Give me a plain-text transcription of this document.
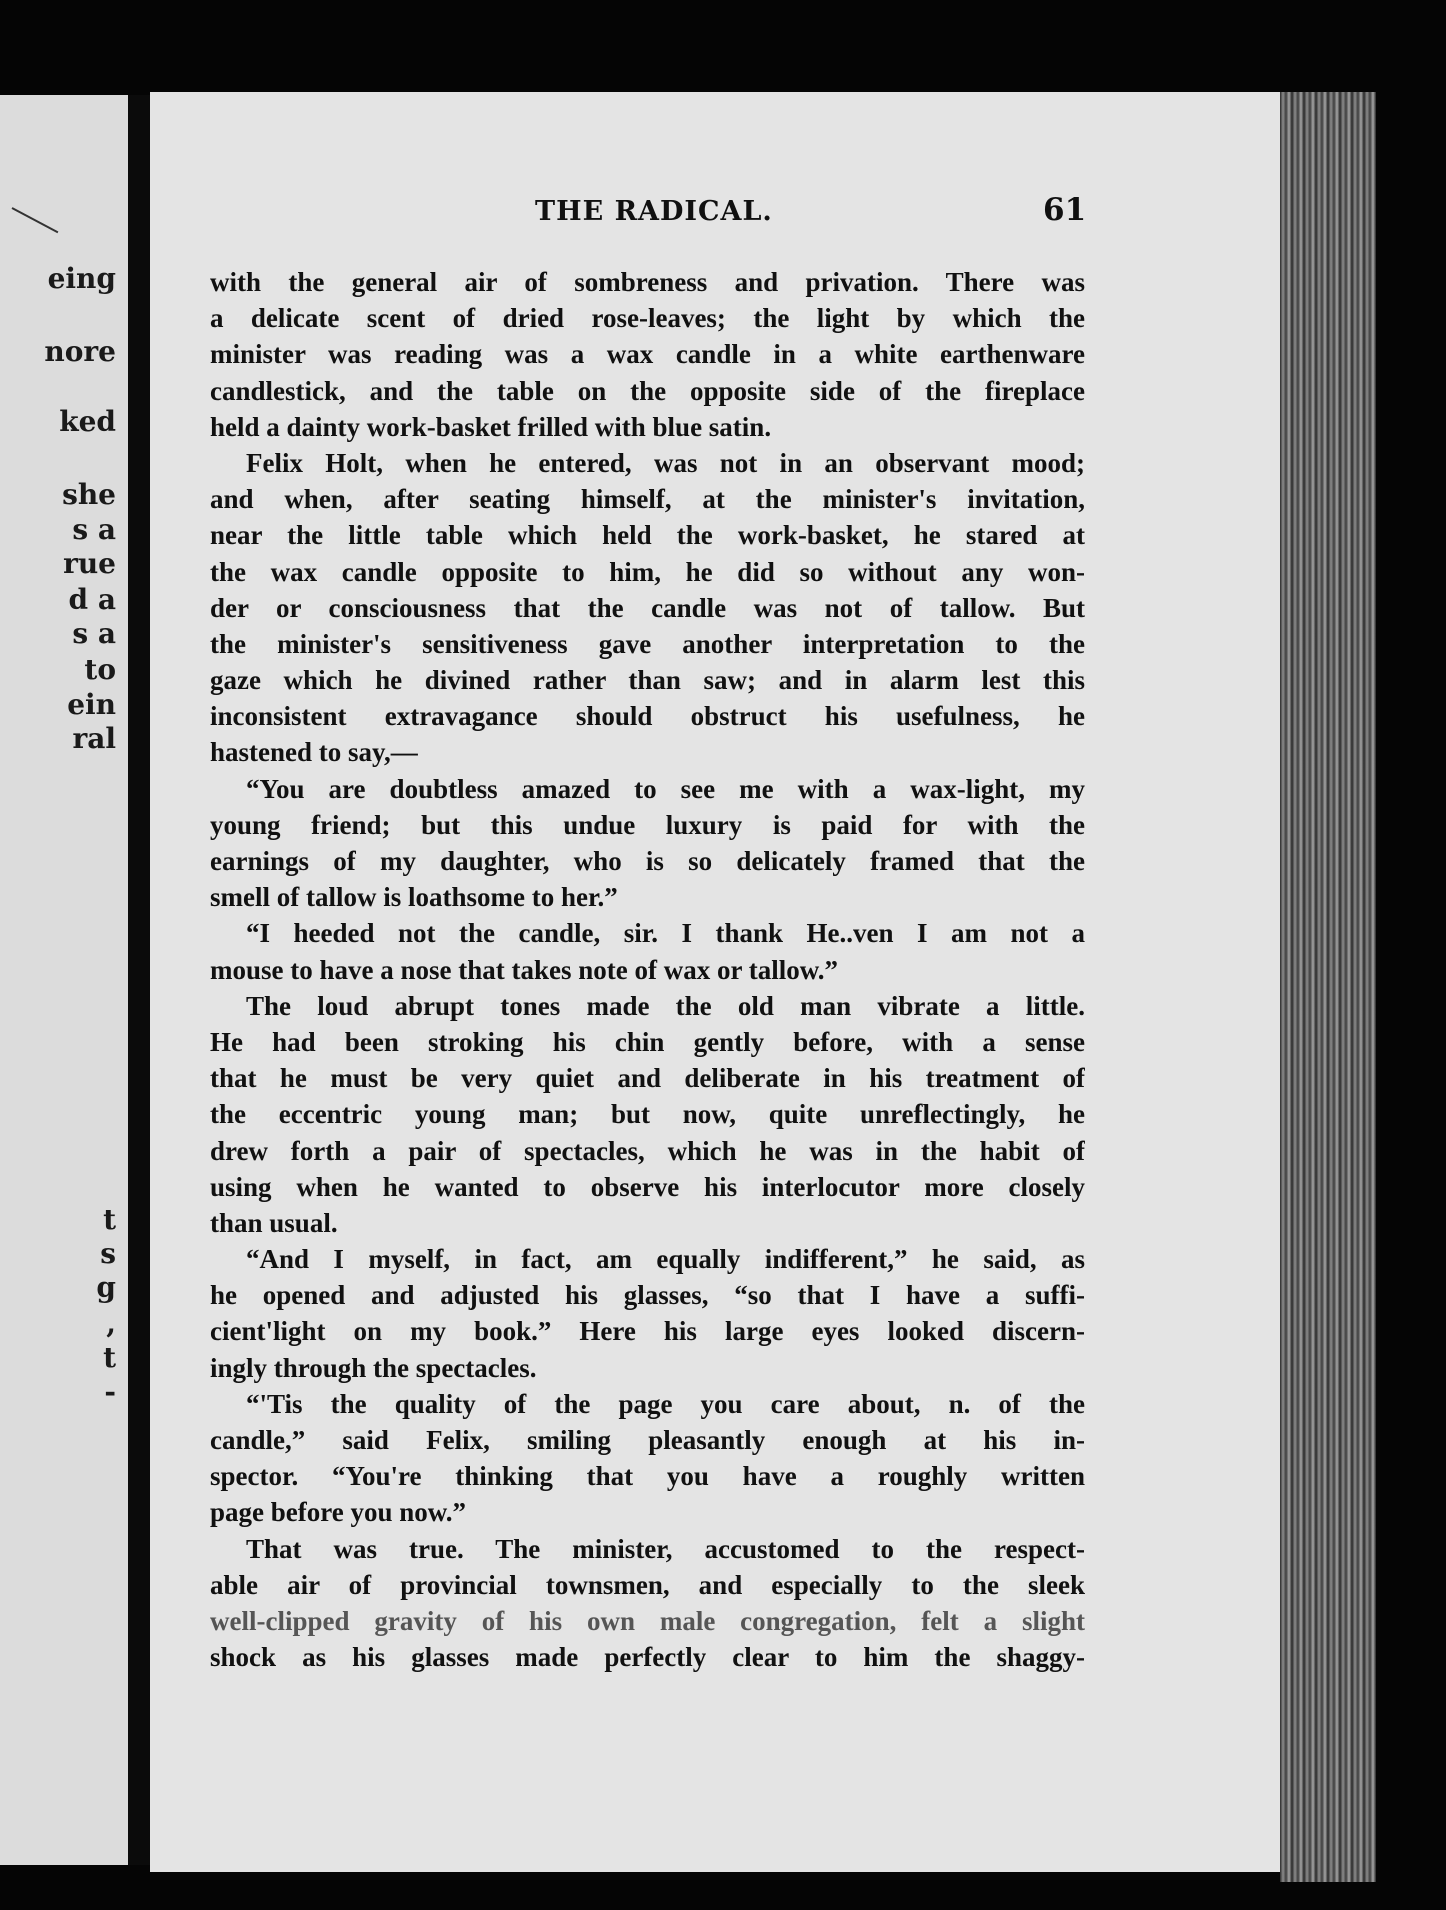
eing
nore
ked
she
s a
rue
d a
s a
to
ein
ral
t
s
g
,
t
-
THE RADICAL.	61
with the general air of sombreness and privation. There was
a delicate scent of dried rose-leaves; the light by which the
minister was reading was a wax candle in a white earthenware
candlestick, and the table on the opposite side of the fireplace
held a dainty work-basket frilled with blue satin.
Felix Holt, when he entered, was not in an observant mood;
and when, after seating himself, at the minister's invitation,
near the little table which held the work-basket, he stared at
the wax candle opposite to him, he did so without any won-
der or consciousness that the candle was not of tallow. But
the minister's sensitiveness gave another interpretation to the
gaze which he divined rather than saw; and in alarm lest this
inconsistent extravagance should obstruct his usefulness, he
hastened to say,—
“You are doubtless amazed to see me with a wax-light, my
young friend; but this undue luxury is paid for with the
earnings of my daughter, who is so delicately framed that the
smell of tallow is loathsome to her.”
“I heeded not the candle, sir. I thank He..ven I am not a
mouse to have a nose that takes note of wax or tallow.”
The loud abrupt tones made the old man vibrate a little.
He had been stroking his chin gently before, with a sense
that he must be very quiet and deliberate in his treatment of
the eccentric young man; but now, quite unreflectingly, he
drew forth a pair of spectacles, which he was in the habit of
using when he wanted to observe his interlocutor more closely
than usual.
“And I myself, in fact, am equally indifferent,” he said, as
he opened and adjusted his glasses, “so that I have a suffi-
cient'light on my book.” Here his large eyes looked discern-
ingly through the spectacles.
“'Tis the quality of the page you care about, n. of the
candle,” said Felix, smiling pleasantly enough at his in-
spector. “You're thinking that you have a roughly written
page before you now.”
That was true. The minister, accustomed to the respect-
able air of provincial townsmen, and especially to the sleek
well-clipped gravity of his own male congregation, felt a slight
shock as his glasses made perfectly clear to him the shaggy-
